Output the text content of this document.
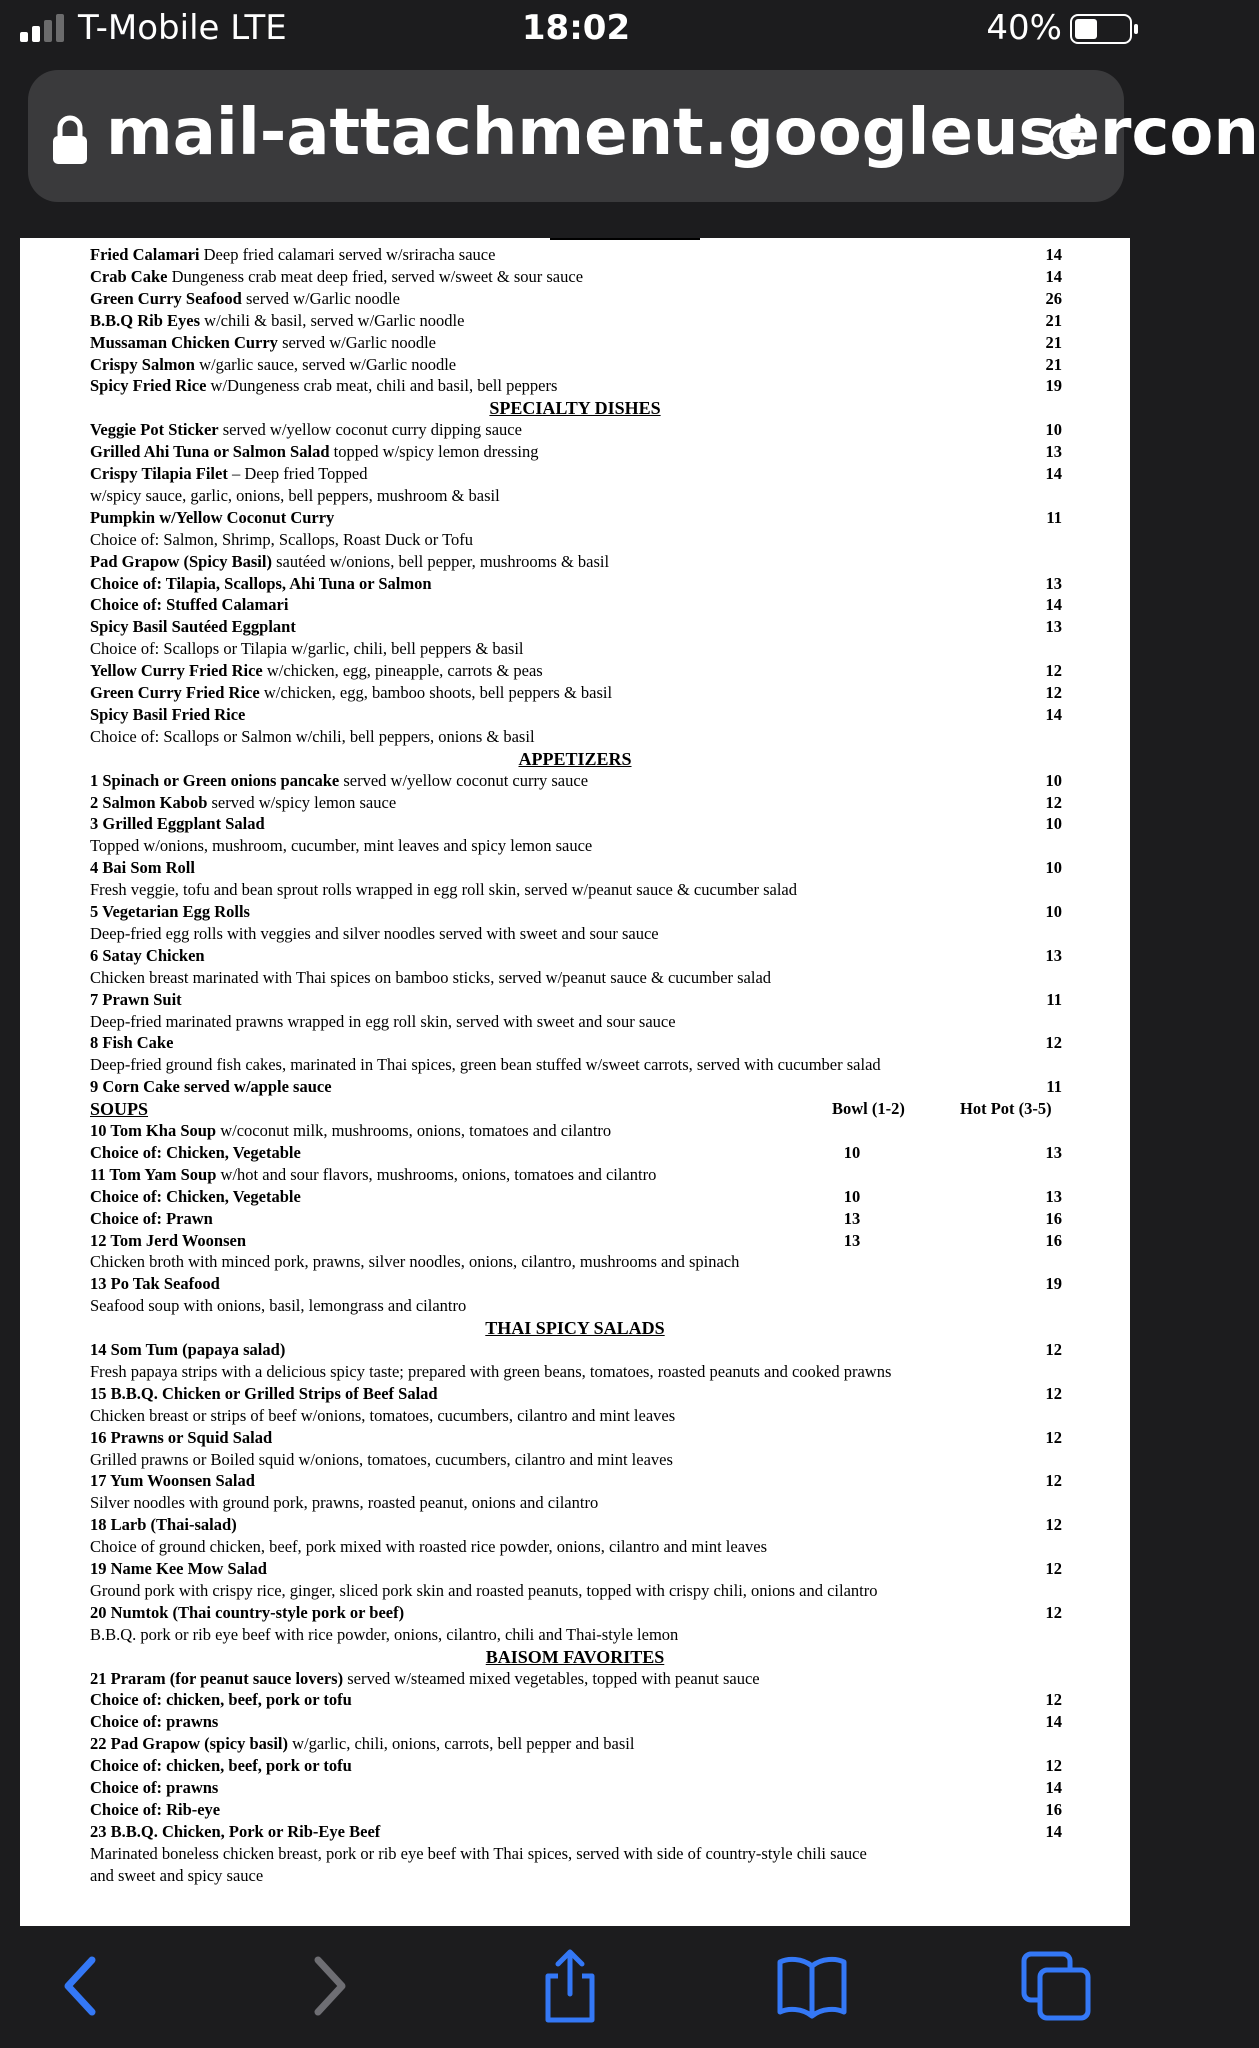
T-Mobile LTE	18:02	40%
mail-attachment.googleusercon
Fried Calamari Deep fried calamari served w/sriracha sauce	14
Crab Cake Dungeness crab meat deep fried, served w/sweet & sour sauce	14
Green Curry Seafood served w/Garlic noodle	26
B.B.Q Rib Eyes w/chili & basil, served w/Garlic noodle	21
Mussaman Chicken Curry served w/Garlic noodle	21
Crispy Salmon w/garlic sauce, served w/Garlic noodle	21
Spicy Fried Rice w/Dungeness crab meat, chili and basil, bell peppers	19
SPECIALTY DISHES
Veggie Pot Sticker served w/yellow coconut curry dipping sauce	10
Grilled Ahi Tuna or Salmon Salad topped w/spicy lemon dressing	13
Crispy Tilapia Filet – Deep fried Topped	14
w/spicy sauce, garlic, onions, bell peppers, mushroom & basil
Pumpkin w/Yellow Coconut Curry	11
Choice of: Salmon, Shrimp, Scallops, Roast Duck or Tofu
Pad Grapow (Spicy Basil) sautéed w/onions, bell pepper, mushrooms & basil
Choice of: Tilapia, Scallops, Ahi Tuna or Salmon	13
Choice of: Stuffed Calamari	14
Spicy Basil Sautéed Eggplant	13
Choice of: Scallops or Tilapia w/garlic, chili, bell peppers & basil
Yellow Curry Fried Rice w/chicken, egg, pineapple, carrots & peas	12
Green Curry Fried Rice w/chicken, egg, bamboo shoots, bell peppers & basil	12
Spicy Basil Fried Rice	14
Choice of: Scallops or Salmon w/chili, bell peppers, onions & basil
APPETIZERS
1 Spinach or Green onions pancake served w/yellow coconut curry sauce	10
2 Salmon Kabob served w/spicy lemon sauce	12
3 Grilled Eggplant Salad	10
Topped w/onions, mushroom, cucumber, mint leaves and spicy lemon sauce
4 Bai Som Roll	10
Fresh veggie, tofu and bean sprout rolls wrapped in egg roll skin, served w/peanut sauce & cucumber salad
5 Vegetarian Egg Rolls	10
Deep-fried egg rolls with veggies and silver noodles served with sweet and sour sauce
6 Satay Chicken	13
Chicken breast marinated with Thai spices on bamboo sticks, served w/peanut sauce & cucumber salad
7 Prawn Suit	11
Deep-fried marinated prawns wrapped in egg roll skin, served with sweet and sour sauce
8 Fish Cake	12
Deep-fried ground fish cakes, marinated in Thai spices, green bean stuffed w/sweet carrots, served with cucumber salad
9 Corn Cake served w/apple sauce	11
SOUPS	Bowl (1-2)	Hot Pot (3-5)
10 Tom Kha Soup w/coconut milk, mushrooms, onions, tomatoes and cilantro
Choice of: Chicken, Vegetable	10	13
11 Tom Yam Soup w/hot and sour flavors, mushrooms, onions, tomatoes and cilantro
Choice of: Chicken, Vegetable	10	13
Choice of: Prawn	13	16
12 Tom Jerd Woonsen	13	16
Chicken broth with minced pork, prawns, silver noodles, onions, cilantro, mushrooms and spinach
13 Po Tak Seafood	19
Seafood soup with onions, basil, lemongrass and cilantro
THAI SPICY SALADS
14 Som Tum (papaya salad)	12
Fresh papaya strips with a delicious spicy taste; prepared with green beans, tomatoes, roasted peanuts and cooked prawns
15 B.B.Q. Chicken or Grilled Strips of Beef Salad	12
Chicken breast or strips of beef w/onions, tomatoes, cucumbers, cilantro and mint leaves
16 Prawns or Squid Salad	12
Grilled prawns or Boiled squid w/onions, tomatoes, cucumbers, cilantro and mint leaves
17 Yum Woonsen Salad	12
Silver noodles with ground pork, prawns, roasted peanut, onions and cilantro
18 Larb (Thai-salad)	12
Choice of ground chicken, beef, pork mixed with roasted rice powder, onions, cilantro and mint leaves
19 Name Kee Mow Salad	12
Ground pork with crispy rice, ginger, sliced pork skin and roasted peanuts, topped with crispy chili, onions and cilantro
20 Numtok (Thai country-style pork or beef)	12
B.B.Q. pork or rib eye beef with rice powder, onions, cilantro, chili and Thai-style lemon
BAISOM FAVORITES
21 Praram (for peanut sauce lovers) served w/steamed mixed vegetables, topped with peanut sauce
Choice of: chicken, beef, pork or tofu	12
Choice of: prawns	14
22 Pad Grapow (spicy basil) w/garlic, chili, onions, carrots, bell pepper and basil
Choice of: chicken, beef, pork or tofu	12
Choice of: prawns	14
Choice of: Rib-eye	16
23 B.B.Q. Chicken, Pork or Rib-Eye Beef	14
Marinated boneless chicken breast, pork or rib eye beef with Thai spices, served with side of country-style chili sauce
and sweet and spicy sauce
